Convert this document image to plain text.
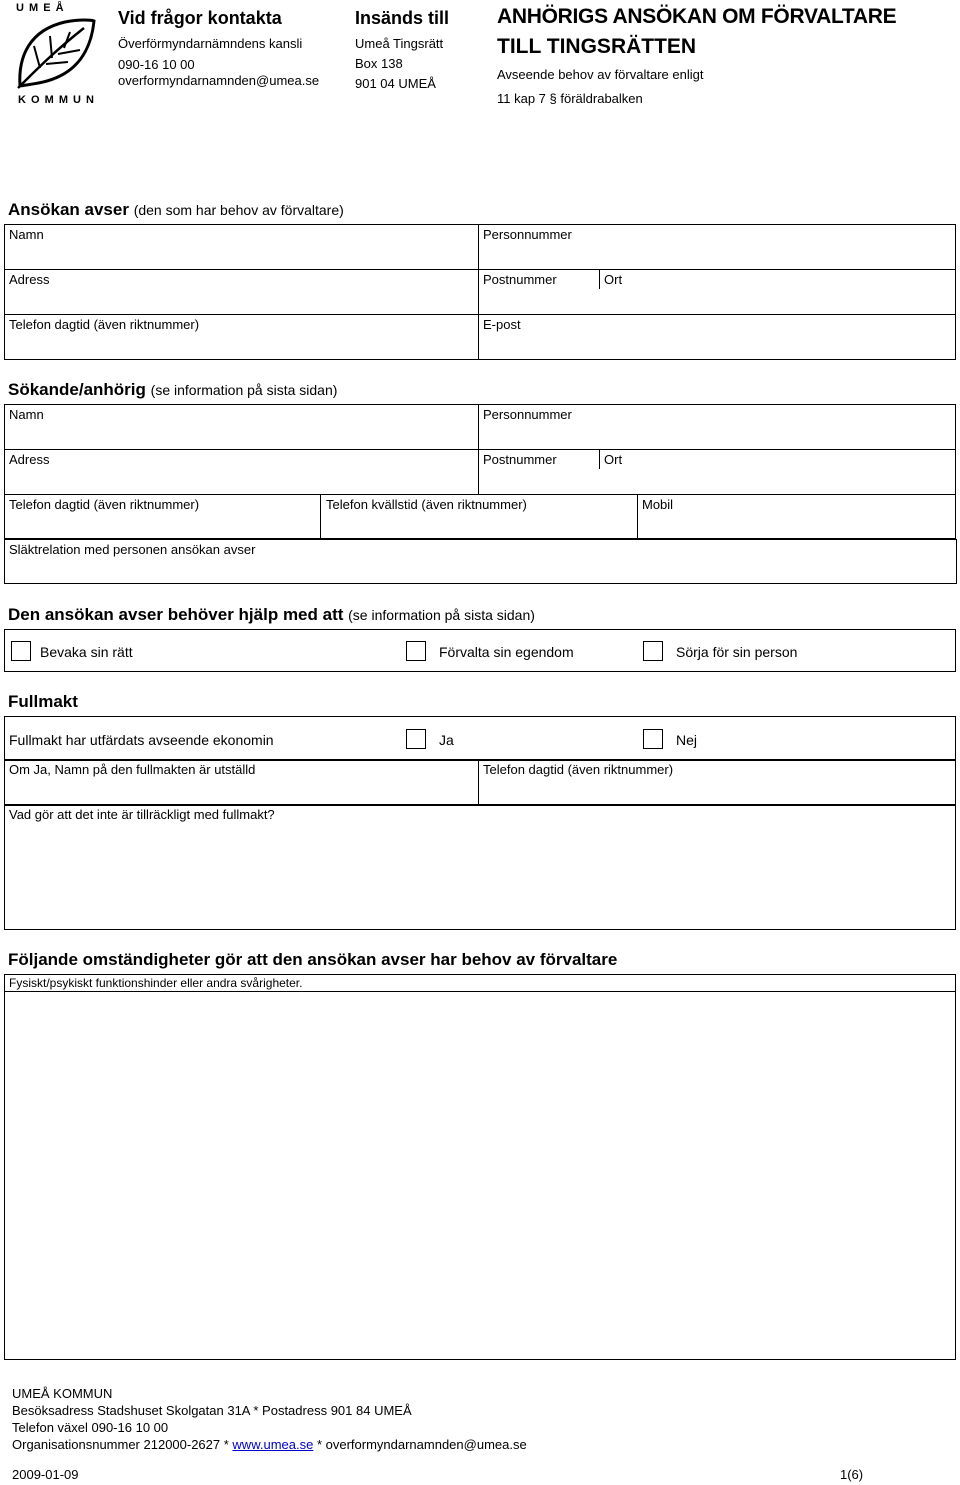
U M E Å
K O M M U N
Vid frågor kontakta
Överförmyndarnämndens kansli
090-16 10 00
overformyndarnamnden@umea.se
Insänds till
Umeå Tingsrätt
Box 138
901 04 UMEÅ
ANHÖRIGS ANSÖKAN OM FÖRVALTARE
TILL TINGSRÄTTEN
Avseende behov av förvaltare enligt
11 kap 7 § föräldrabalken
Ansökan avser (den som har behov av förvaltare)
Namn	Personnummer
Adress	Postnummer	Ort
Telefon dagtid (även riktnummer)	E-post
Sökande/anhörig (se information på sista sidan)
Namn	Personnummer
Adress	Postnummer	Ort
Telefon dagtid (även riktnummer)	Telefon kvällstid (även riktnummer)	Mobil
Släktrelation med personen ansökan avser
Den ansökan avser behöver hjälp med att (se information på sista sidan)
Bevaka sin rätt	Förvalta sin egendom	Sörja för sin person
Fullmakt
Fullmakt har utfärdats avseende ekonomin	Ja	Nej
Om Ja, Namn på den fullmakten är utställd	Telefon dagtid (även riktnummer)
Vad gör att det inte är tillräckligt med fullmakt?
Följande omständigheter gör att den ansökan avser har behov av förvaltare
Fysiskt/psykiskt funktionshinder eller andra svårigheter.
UMEÅ KOMMUN
Besöksadress Stadshuset Skolgatan 31A * Postadress 901 84 UMEÅ
Telefon växel 090-16 10 00
Organisationsnummer 212000-2627 * www.umea.se * overformyndarnamnden@umea.se
2009-01-09	1(6)
